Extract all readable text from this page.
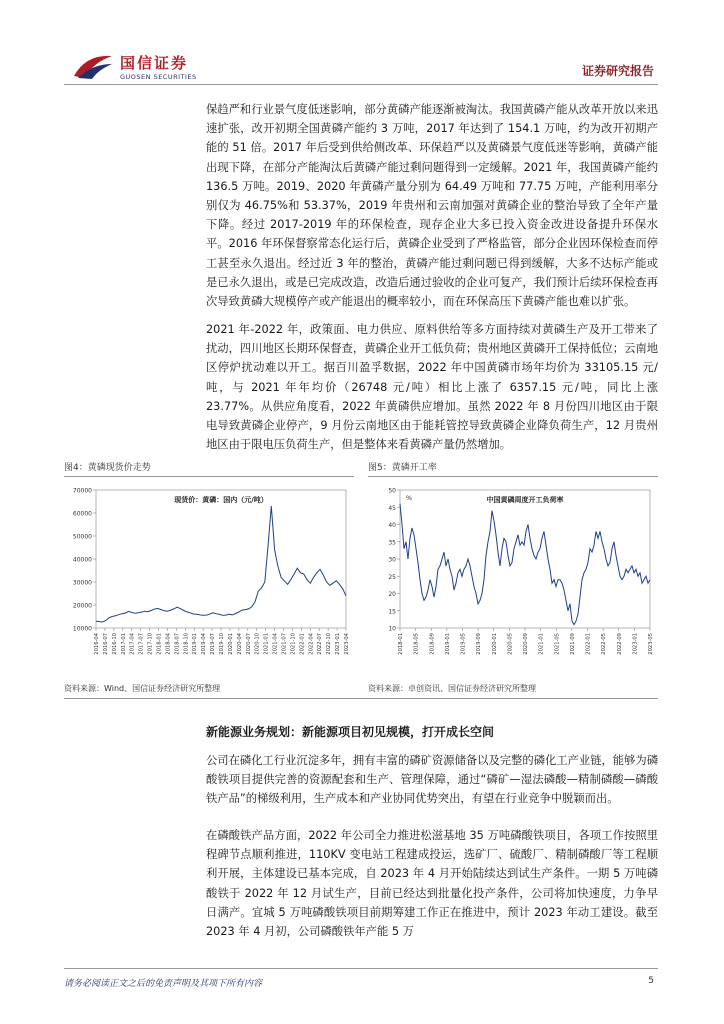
国信证券
GUOSEN SECURITIES	证券研究报告

保趋严和行业景气度低迷影响，部分黄磷产能逐渐被淘汰。我国黄磷产能从改革开放以来迅速扩张，改开初期全国黄磷产能约 3 万吨，2017 年达到了 154.1 万吨，约为改开初期产能的 51 倍。2017 年后受到供给侧改革、环保趋严以及黄磷景气度低迷等影响，黄磷产能出现下降，在部分产能淘汰后黄磷产能过剩问题得到一定缓解。2021 年，我国黄磷产能约 136.5 万吨。2019、2020 年黄磷产量分别为 64.49 万吨和 77.75 万吨，产能利用率分别仅为 46.75%和 53.37%，2019 年贵州和云南加强对黄磷企业的整治导致了全年产量下降。经过 2017-2019 年的环保检查，现存企业大多已投入资金改进设备提升环保水平。2016 年环保督察常态化运行后，黄磷企业受到了严格监管，部分企业因环保检查而停工甚至永久退出。经过近 3 年的整治，黄磷产能过剩问题已得到缓解，大多不达标产能或是已永久退出，或是已完成改造，改造后通过验收的企业可复产，我们预计后续环保检查再次导致黄磷大规模停产或产能退出的概率较小，而在环保高压下黄磷产能也难以扩张。

2021 年-2022 年，政策面、电力供应、原料供给等多方面持续对黄磷生产及开工带来了扰动，四川地区长期环保督查，黄磷企业开工低负荷；贵州地区黄磷开工保持低位；云南地区停炉扰动难以开工。据百川盈孚数据，2022 年中国黄磷市场年均价为 33105.15 元/吨，与 2021 年年均价（26748 元/吨）相比上涨了 6357.15 元/吨，同比上涨 23.77%。从供应角度看，2022 年黄磷供应增加。虽然 2022 年 8 月份四川地区由于限电导致黄磷企业停产，9 月份云南地区由于能耗管控导致黄磷企业降负荷生产，12 月贵州地区由于限电压负荷生产，但是整体来看黄磷产量仍然增加。

图4：黄磷现货价走势
10000
20000
30000
40000
50000
60000
70000
2016-04 2016-07 2016-10 2017-01 2017-04 2017-07 2017-10 2018-01 2018-04 2018-07 2018-10 2019-01 2019-04 2019-07 2019-10 2020-01 2020-04 2020-07 2020-10 2021-01 2021-04 2021-07 2021-10 2022-01 2022-04 2022-07 2022-10 2023-01 2023-04
现货价：黄磷：国内（元/吨）
资料来源：Wind、国信证券经济研究所整理
图5：黄磷开工率
10
15
20
25
30
35
40
45
50
2018-01 2018-05 2018-09 2019-01 2019-05 2019-09 2020-01 2020-05 2020-09 2021-01 2021-05 2021-09 2022-01 2022-05 2022-09 2023-01 2023-05
中国黄磷周度开工负荷率
%
资料来源：卓创资讯、国信证券经济研究所整理
新能源业务规划：新能源项目初见规模，打开成长空间

公司在磷化工行业沉淀多年，拥有丰富的磷矿资源储备以及完整的磷化工产业链，能够为磷酸铁项目提供完善的资源配套和生产、管理保障，通过“磷矿—湿法磷酸—精制磷酸—磷酸铁产品”的梯级利用，生产成本和产业协同优势突出，有望在行业竞争中脱颖而出。

在磷酸铁产品方面，2022 年公司全力推进松滋基地 35 万吨磷酸铁项目，各项工作按照里程碑节点顺利推进，110KV 变电站工程建成投运，选矿厂、硫酸厂、精制磷酸厂等工程顺利开展，主体建设已基本完成，自 2023 年 4 月开始陆续达到试生产条件。一期 5 万吨磷酸铁于 2022 年 12 月试生产，目前已经达到批量化投产条件，公司将加快速度，力争早日满产。宜城 5 万吨磷酸铁项目前期筹建工作正在推进中，预计 2023 年动工建设。截至 2023 年 4 月初，公司磷酸铁年产能 5 万

请务必阅读正文之后的免责声明及其项下所有内容	5
